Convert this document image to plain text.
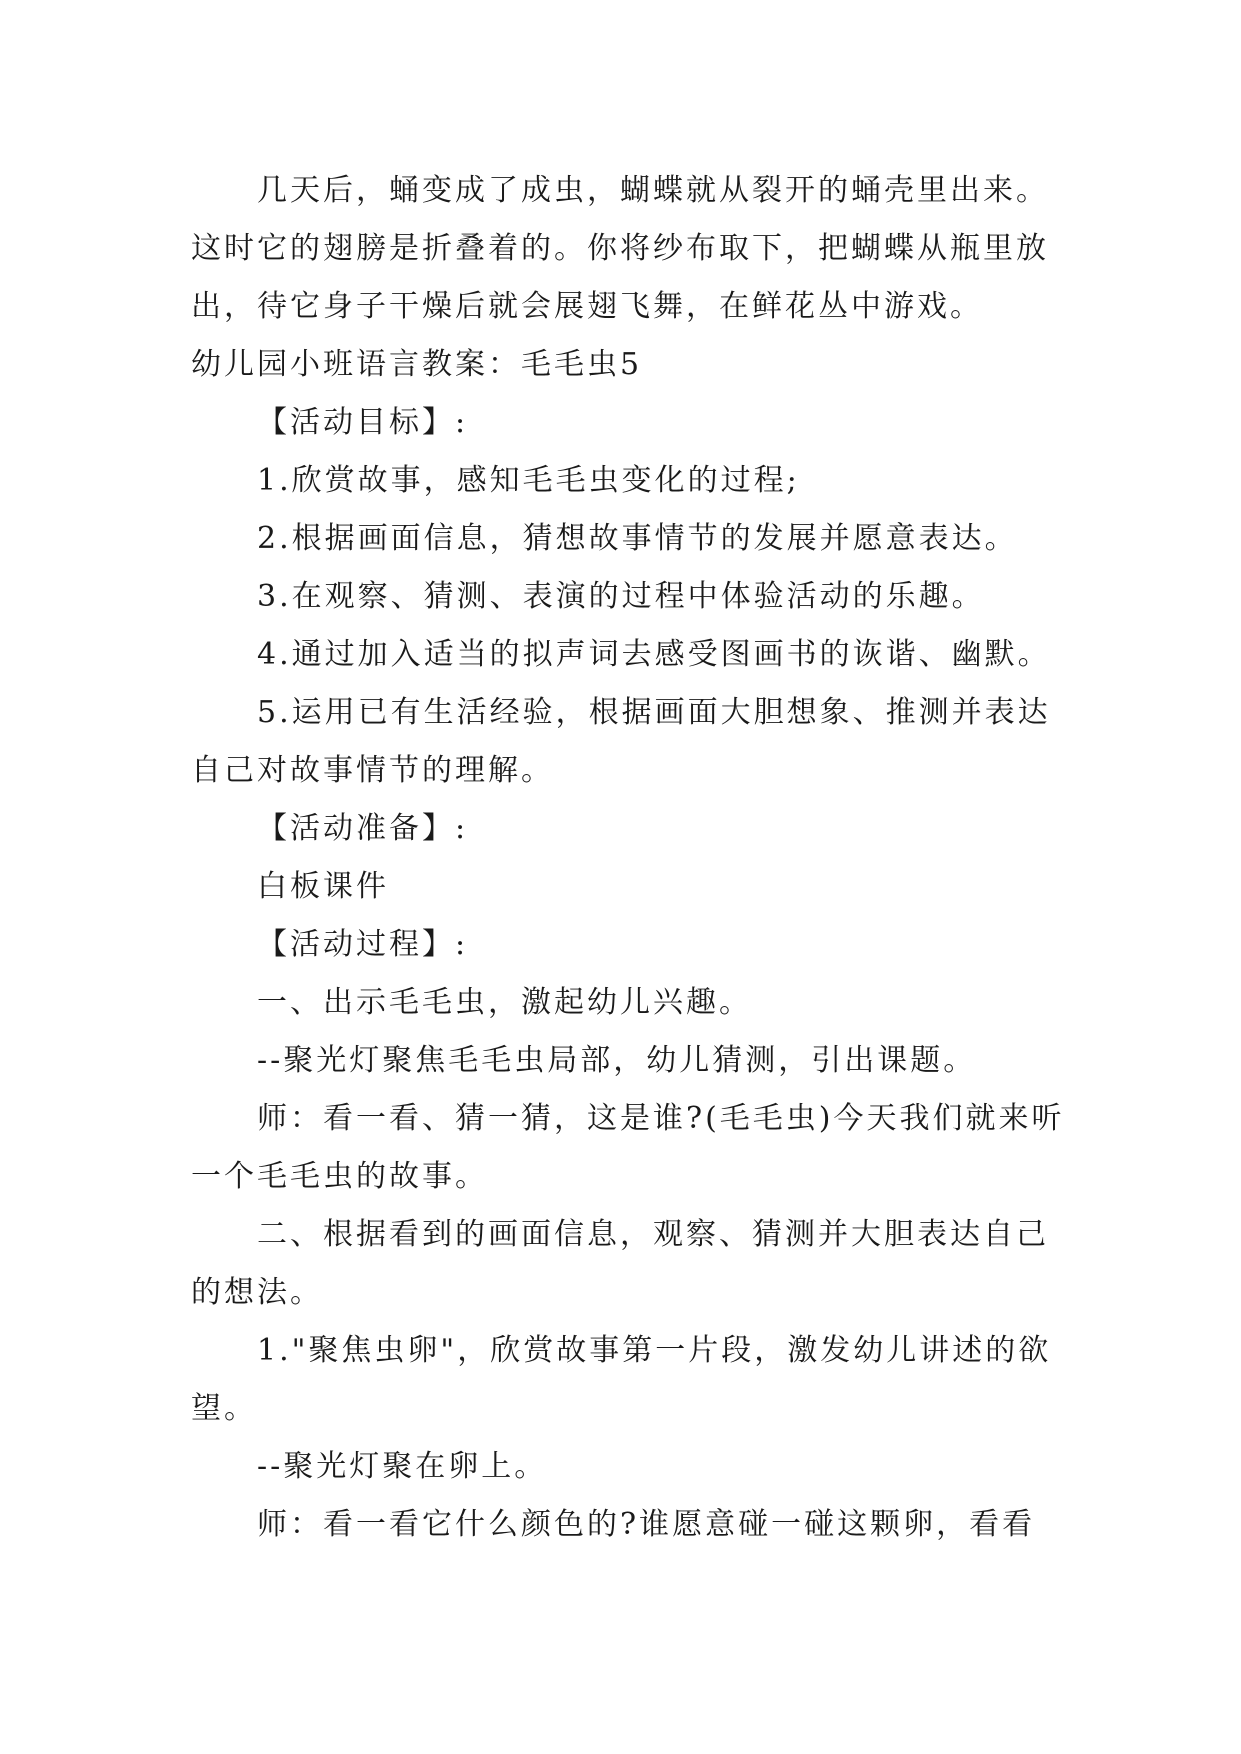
几天后，蛹变成了成虫，蝴蝶就从裂开的蛹壳里出来。这时它的翅膀是折叠着的。你将纱布取下，把蝴蝶从瓶里放出，待它身子干燥后就会展翅飞舞，在鲜花丛中游戏。

幼儿园小班语言教案：毛毛虫5

【活动目标】:

1.欣赏故事，感知毛毛虫变化的过程;

2.根据画面信息，猜想故事情节的发展并愿意表达。

3.在观察、猜测、表演的过程中体验活动的乐趣。

4.通过加入适当的拟声词去感受图画书的诙谐、幽默。

5.运用已有生活经验，根据画面大胆想象、推测并表达自己对故事情节的理解。

【活动准备】:

白板课件

【活动过程】:

一、出示毛毛虫，激起幼儿兴趣。

--聚光灯聚焦毛毛虫局部，幼儿猜测，引出课题。

师：看一看、猜一猜，这是谁?(毛毛虫)今天我们就来听一个毛毛虫的故事。

二、根据看到的画面信息，观察、猜测并大胆表达自己的想法。

1."聚焦虫卵"，欣赏故事第一片段，激发幼儿讲述的欲望。

--聚光灯聚在卵上。

师：看一看它什么颜色的?谁愿意碰一碰这颗卵，看看
